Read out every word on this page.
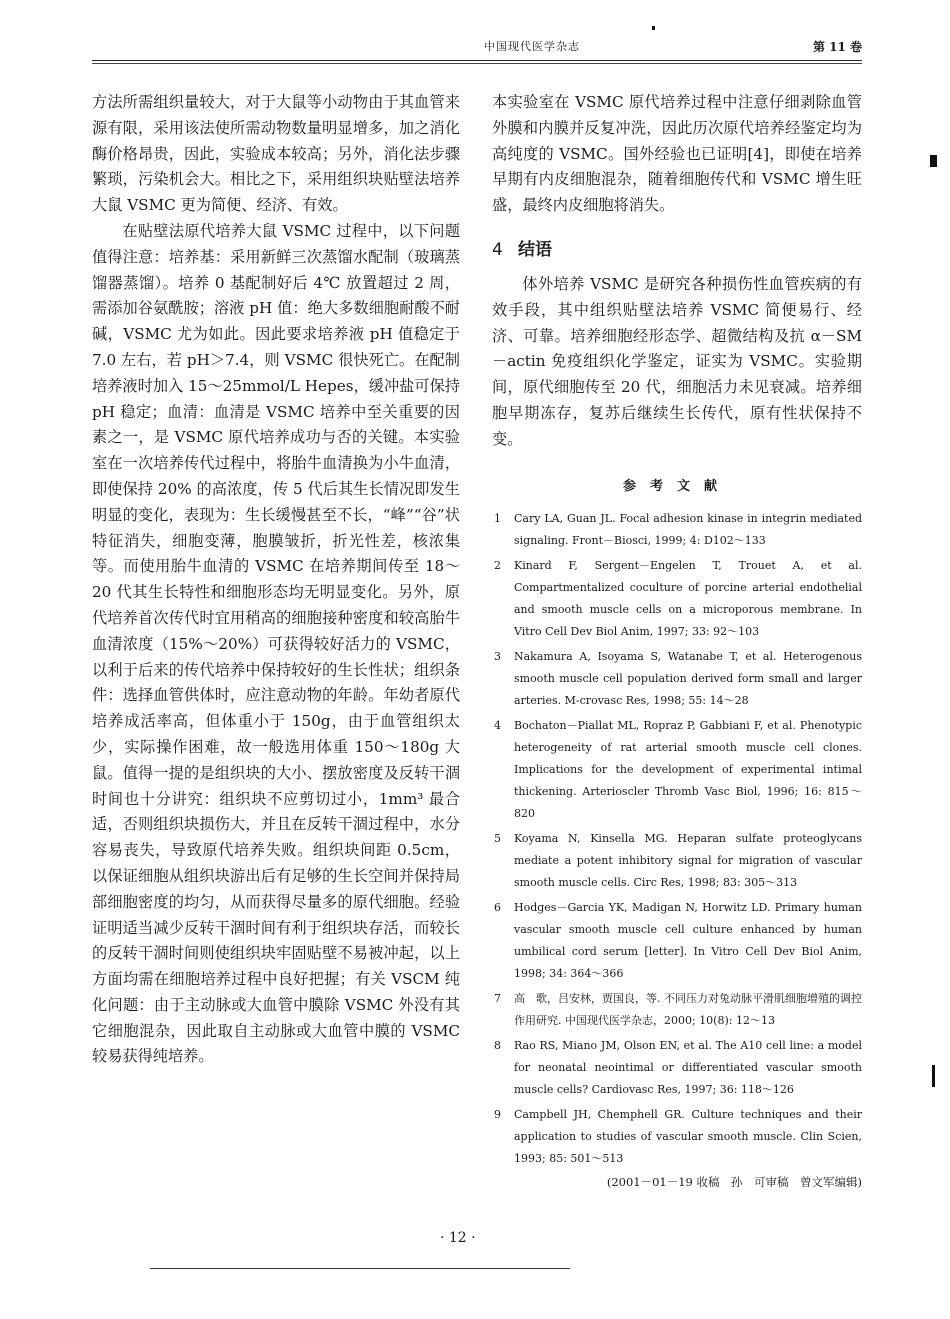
中国现代医学杂志	第 11 卷

方法所需组织量较大，对于大鼠等小动物由于其血管来源有限，采用该法使所需动物数量明显增多，加之消化酶价格昂贵，因此，实验成本较高；另外，消化法步骤繁琐，污染机会大。相比之下，采用组织块贴壁法培养大鼠 VSMC 更为简便、经济、有效。

在贴壁法原代培养大鼠 VSMC 过程中，以下问题值得注意：培养基：采用新鲜三次蒸馏水配制（玻璃蒸馏器蒸馏）。培养 0 基配制好后 4℃ 放置超过 2 周，需添加谷氨酰胺；溶液 pH 值：绝大多数细胞耐酸不耐碱，VSMC 尤为如此。因此要求培养液 pH 值稳定于 7.0 左右，若 pH＞7.4，则 VSMC 很快死亡。在配制培养液时加入 15～25mmol/L Hepes，缓冲盐可保持 pH 稳定；血清：血清是 VSMC 培养中至关重要的因素之一，是 VSMC 原代培养成功与否的关键。本实验室在一次培养传代过程中，将胎牛血清换为小牛血清，即使保持 20% 的高浓度，传 5 代后其生长情况即发生明显的变化，表现为：生长缓慢甚至不长，“峰”“谷”状特征消失，细胞变薄，胞膜皱折，折光性差，核浓集等。而使用胎牛血清的 VSMC 在培养期间传至 18～20 代其生长特性和细胞形态均无明显变化。另外，原代培养首次传代时宜用稍高的细胞接种密度和较高胎牛血清浓度（15%～20%）可获得较好活力的 VSMC，以利于后来的传代培养中保持较好的生长性状；组织条件：选择血管供体时，应注意动物的年龄。年幼者原代培养成活率高，但体重小于 150g，由于血管组织太少，实际操作困难，故一般选用体重 150～180g 大鼠。值得一提的是组织块的大小、摆放密度及反转干涸时间也十分讲究：组织块不应剪切过小，1mm³ 最合适，否则组织块损伤大，并且在反转干涸过程中，水分容易丧失，导致原代培养失败。组织块间距 0.5cm，以保证细胞从组织块游出后有足够的生长空间并保持局部细胞密度的均匀，从而获得尽量多的原代细胞。经验证明适当减少反转干涸时间有利于组织块存活，而较长的反转干涸时间则使组织块牢固贴壁不易被冲起，以上方面均需在细胞培养过程中良好把握；有关 VSCM 纯化问题：由于主动脉或大血管中膜除 VSMC 外没有其它细胞混杂，因此取自主动脉或大血管中膜的 VSMC 较易获得纯培养。

本实验室在 VSMC 原代培养过程中注意仔细剥除血管外膜和内膜并反复冲洗，因此历次原代培养经鉴定均为高纯度的 VSMC。国外经验也已证明[4]，即使在培养早期有内皮细胞混杂，随着细胞传代和 VSMC 增生旺盛，最终内皮细胞将消失。

4 结语

体外培养 VSMC 是研究各种损伤性血管疾病的有效手段，其中组织贴壁法培养 VSMC 简便易行、经济、可靠。培养细胞经形态学、超微结构及抗 α－SM－actin 免疫组织化学鉴定，证实为 VSMC。实验期间，原代细胞传至 20 代，细胞活力未见衰减。培养细胞早期冻存，复苏后继续生长传代，原有性状保持不变。

参考文献

1 Cary LA, Guan JL. Focal adhesion kinase in integrin mediated signaling. Front－Biosci, 1999; 4: D102～133

2 Kinard F, Sergent－Engelen T, Trouet A, et al. Compartmentalized coculture of porcine arterial endothelial and smooth muscle cells on a microporous membrane. In Vitro Cell Dev Biol Anim, 1997; 33: 92～103

3 Nakamura A, Isoyama S, Watanabe T, et al. Heterogenous smooth muscle cell population derived form small and larger arteries. M-crovasc Res, 1998; 55: 14～28

4 Bochaton－Piallat ML, Ropraz P, Gabbiani F, et al. Phenotypic heterogeneity of rat arterial smooth muscle cell clones. Implications for the development of experimental intimal thickening. Arterioscler Thromb Vasc Biol, 1996; 16: 815～820

5 Koyama N, Kinsella MG. Heparan sulfate proteoglycans mediate a potent inhibitory signal for migration of vascular smooth muscle cells. Circ Res, 1998; 83: 305～313

6 Hodges－Garcia YK, Madigan N, Horwitz LD. Primary human vascular smooth muscle cell culture enhanced by human umbilical cord serum [letter]. In Vitro Cell Dev Biol Anim, 1998; 34: 364～366

7 高　歌，吕安林，贾国良，等. 不同压力对兔动脉平滑肌细胞增殖的调控作用研究. 中国现代医学杂志，2000; 10(8): 12～13

8 Rao RS, Miano JM, Olson EN, et al. The A10 cell line: a model for neonatal neointimal or differentiated vascular smooth muscle cells? Cardiovasc Res, 1997; 36: 118～126

9 Campbell JH, Chemphell GR. Culture techniques and their application to studies of vascular smooth muscle. Clin Scien, 1993; 85: 501～513

(2001－01－19 收稿　孙　可审稿　曾文军编辑)
· 12 ·
